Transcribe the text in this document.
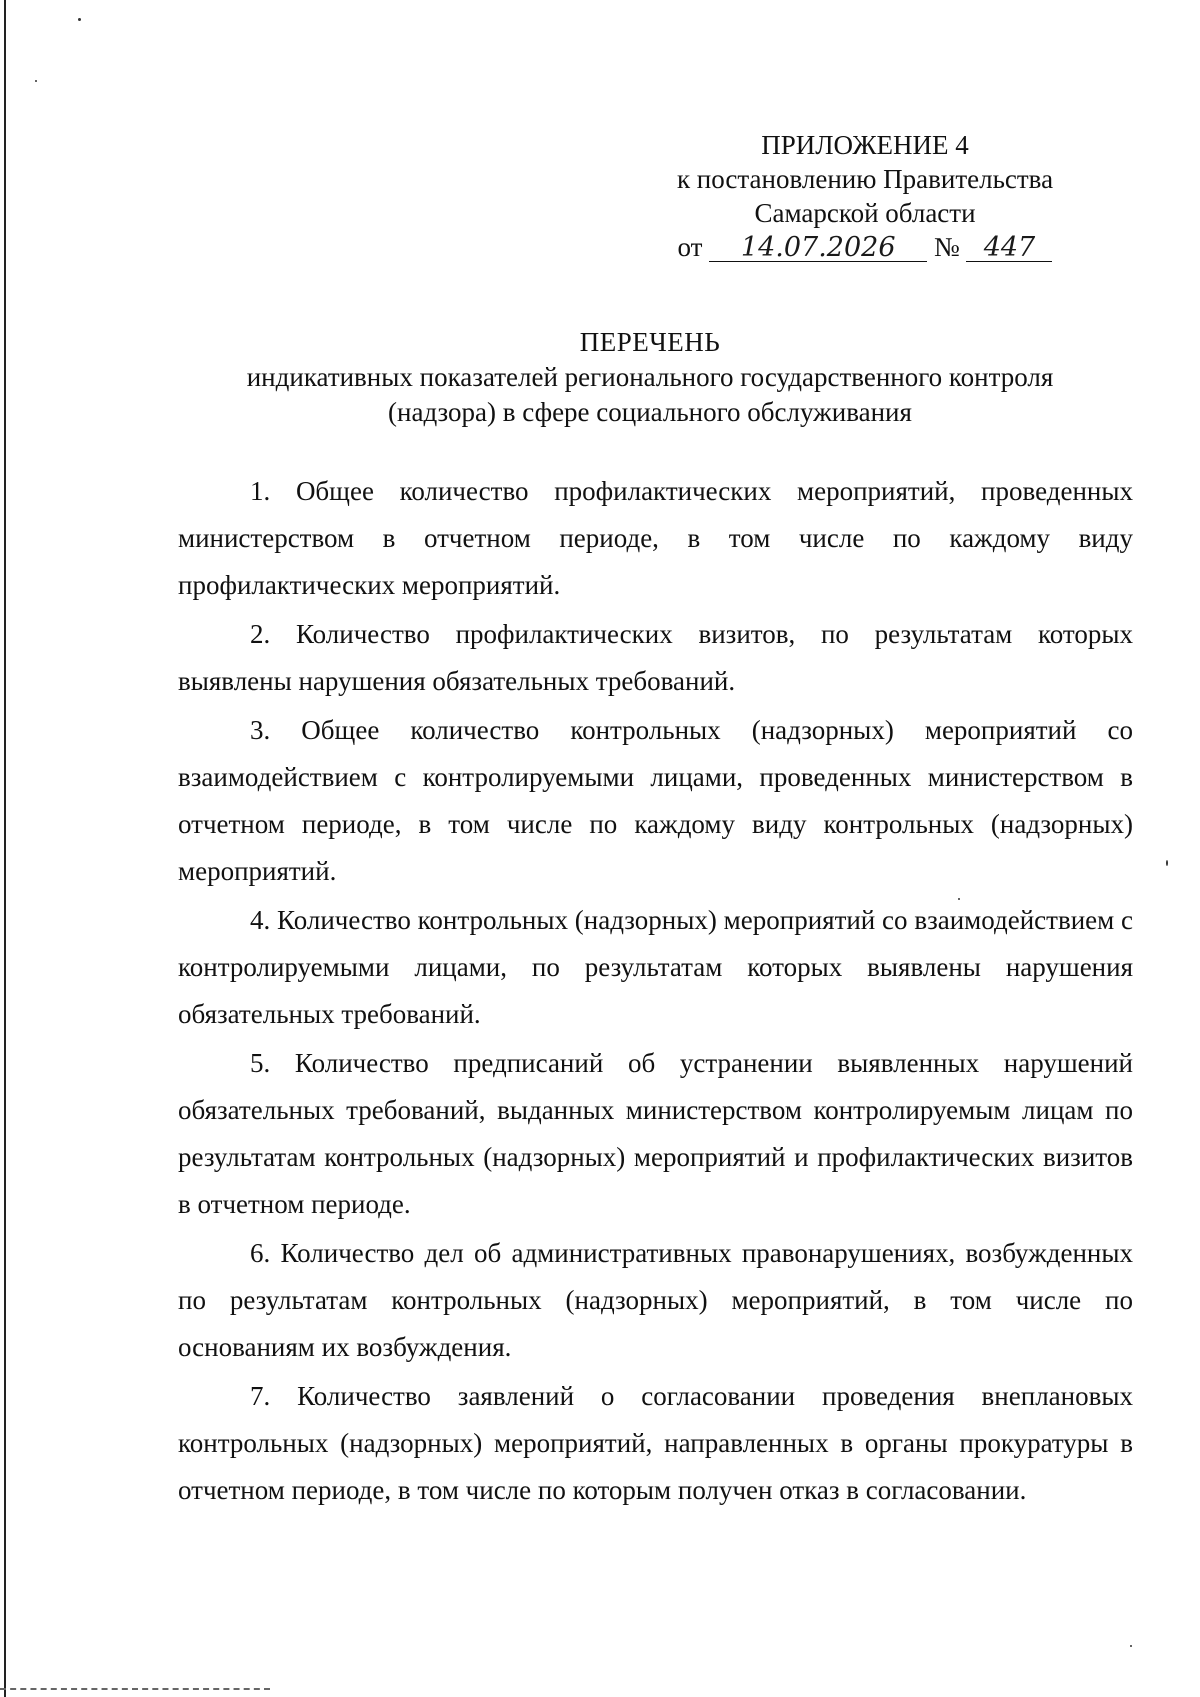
ПРИЛОЖЕНИЕ 4
к постановлению Правительства
Самарской области
от 14.07.2026 № 447
ПЕРЕЧЕНЬ
индикативных показателей регионального государственного контроля
(надзора) в сфере социального обслуживания

1. Общее количество профилактических мероприятий, проведенных министерством в отчетном периоде, в том числе по каждому виду профилактических мероприятий.

2. Количество профилактических визитов, по результатам которых выявлены нарушения обязательных требований.

3. Общее количество контрольных (надзорных) мероприятий со взаимодействием с контролируемыми лицами, проведенных министерством в отчетном периоде, в том числе по каждому виду контрольных (надзорных) мероприятий.

4. Количество контрольных (надзорных) мероприятий со взаимодействием с контролируемыми лицами, по результатам которых выявлены нарушения обязательных требований.

5. Количество предписаний об устранении выявленных нарушений обязательных требований, выданных министерством контролируемым лицам по результатам контрольных (надзорных) мероприятий и профилактических визитов в отчетном периоде.

6. Количество дел об административных правонарушениях, возбужденных по результатам контрольных (надзорных) мероприятий, в том числе по основаниям их возбуждения.

7. Количество заявлений о согласовании проведения внеплановых контрольных (надзорных) мероприятий, направленных в органы прокуратуры в отчетном периоде, в том числе по которым получен отказ в согласовании.
